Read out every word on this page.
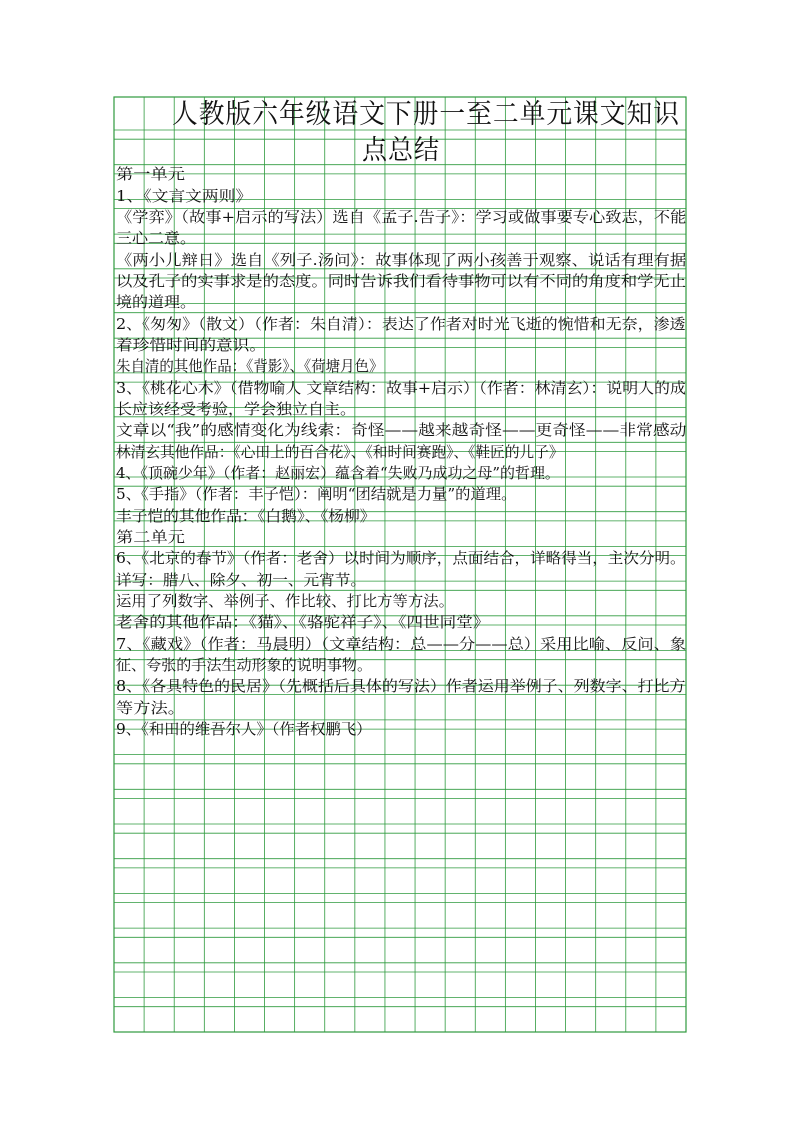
人教版六年级语文下册一至二单元课文知识
点总结
第一单元
1、《文言文两则》
《学弈》（故事+启示的写法）选自《孟子.告子》：学习或做事要专心致志，不能
三心二意。
《两小儿辩日》选自《列子.汤问》：故事体现了两小孩善于观察、说话有理有据
以及孔子的实事求是的态度。同时告诉我们看待事物可以有不同的角度和学无止
境的道理。
2、《匆匆》（散文）（作者：朱自清）：表达了作者对时光飞逝的惋惜和无奈，渗透
着珍惜时间的意识。
朱自清的其他作品：《背影》、《荷塘月色》
3、《桃花心木》（借物喻人 文章结构：故事+启示）（作者：林清玄）：说明人的成
长应该经受考验，学会独立自主。
文章以“我”的感情变化为线索：奇怪——越来越奇怪——更奇怪——非常感动
林清玄其他作品：《心田上的百合花》、《和时间赛跑》、《鞋匠的儿子》
4、《顶碗少年》（作者：赵丽宏）蕴含着“失败乃成功之母”的哲理。
5、《手指》（作者：丰子恺）：阐明“团结就是力量”的道理。
丰子恺的其他作品：《白鹅》、《杨柳》
第二单元
6、《北京的春节》（作者：老舍）以时间为顺序，点面结合，详略得当，主次分明。
详写：腊八、除夕、初一、元宵节。
运用了列数字、举例子、作比较、打比方等方法。
老舍的其他作品：《猫》、《骆驼祥子》、《四世同堂》
7、《藏戏》（作者：马晨明）（文章结构：总——分——总）采用比喻、反问、象
征、夸张的手法生动形象的说明事物。
8、《各具特色的民居》（先概括后具体的写法）作者运用举例子、列数字、打比方
等方法。
9、《和田的维吾尔人》（作者权鹏飞）
